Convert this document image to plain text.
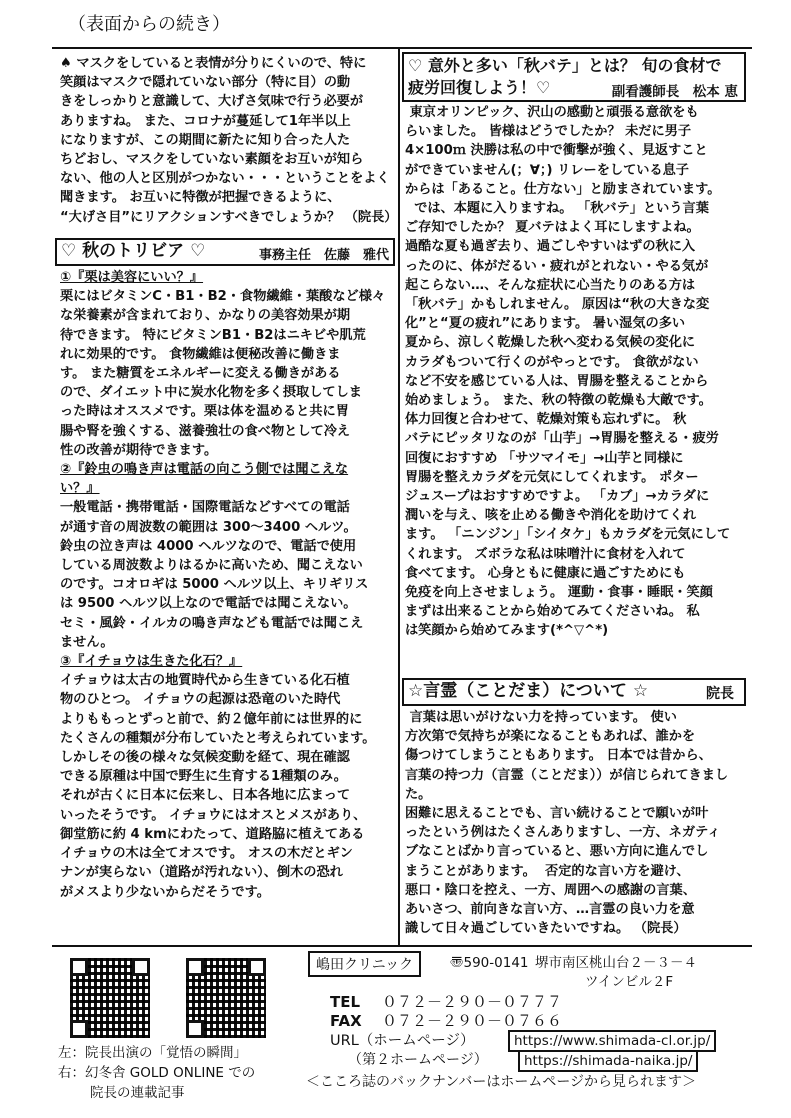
（表面からの続き）

♠ マスクをしていると表情が分りにくいので、特に

笑顔はマスクで隠れていない部分（特に目）の動

きをしっかりと意識して、大げさ気味で行う必要が

ありますね。 また、コロナが蔓延して1年半以上

になりますが、この期間に新たに知り合った人た

ちどおし、マスクをしていない素顔をお互いが知ら

ない、他の人と区別がつかない・・・ということをよく

聞きます。 お互いに特徴が把握できるように、

“大げさ目”にリアクションすべきでしょうか？ （院長）

♡ 秋のトリビア ♡	事務主任　佐藤　雅代

①『栗は美容にいい？』

栗にはビタミンC・B1・B2・食物繊維・葉酸など様々

な栄養素が含まれており、かなりの美容効果が期

待できます。 特にビタミンB1・B2はニキビや肌荒

れに効果的です。 食物繊維は便秘改善に働きま

す。 また糖質をエネルギーに変える働きがある

ので、ダイエット中に炭水化物を多く摂取してしま

った時はオススメです。栗は体を温めると共に胃

腸や腎を強くする、滋養強壮の食べ物として冷え

性の改善が期待できます。

②『鈴虫の鳴き声は電話の向こう側では聞こえな

い？』

一般電話・携帯電話・国際電話などすべての電話

が通す音の周波数の範囲は 300～3400 ヘルツ。

鈴虫の泣き声は 4000 ヘルツなので、電話で使用

している周波数よりはるかに高いため、聞こえない

のです。コオロギは 5000 ヘルツ以上、キリギリス

は 9500 ヘルツ以上なので電話では聞こえない。

セミ・風鈴・イルカの鳴き声なども電話では聞こえ

ません。

③『イチョウは生きた化石？』

イチョウは太古の地質時代から生きている化石植

物のひとつ。 イチョウの起源は恐竜のいた時代

よりももっとずっと前で、約２億年前には世界的に

たくさんの種類が分布していたと考えられています。

しかしその後の様々な気候変動を経て、現在確認

できる原種は中国で野生に生育する1種類のみ。

それが古くに日本に伝来し、日本各地に広まって

いったそうです。 イチョウにはオスとメスがあり、

御堂筋に約 4 kmにわたって、道路脇に植えてある

イチョウの木は全てオスです。 オスの木だとギン

ナンが実らない（道路が汚れない）、倒木の恐れ

がメスより少ないからだそうです。

♡ 意外と多い「秋バテ」とは？ 旬の食材で
疲労回復しよう！♡	副看護師長　松本 恵

東京オリンピック、沢山の感動と頑張る意欲をも

らいました。 皆様はどうでしたか？ 未だに男子

4×100ｍ 決勝は私の中で衝撃が強く、見返すこと

ができていません(；∀；) リレーをしている息子

からは「あること。仕方ない」と励まされています。

では、本題に入りますね。 「秋バテ」という言葉

ご存知でしたか？ 夏バテはよく耳にしますよね。

過酷な夏も過ぎ去り、過ごしやすいはずの秋に入

ったのに、体がだるい・疲れがとれない・やる気が

起こらない…、そんな症状に心当たりのある方は

「秋バテ」かもしれません。 原因は“秋の大きな変

化”と“夏の疲れ”にあります。 暑い湿気の多い

夏から、涼しく乾燥した秋へ変わる気候の変化に

カラダもついて行くのがやっとです。 食欲がない

など不安を感じている人は、胃腸を整えることから

始めましょう。 また、秋の特徴の乾燥も大敵です。

体力回復と合わせて、乾燥対策も忘れずに。 秋

バテにピッタリなのが「山芋」→胃腸を整える・疲労

回復におすすめ 「サツマイモ」→山芋と同様に

胃腸を整えカラダを元気にしてくれます。 ポター

ジュスープはおすすめですよ。 「カブ」→カラダに

潤いを与え、咳を止める働きや消化を助けてくれ

ます。 「ニンジン」「シイタケ」もカラダを元気にして

くれます。 ズボラな私は味噌汁に食材を入れて

食べてます。 心身ともに健康に過ごすためにも

免疫を向上させましょう。 運動・食事・睡眠・笑顔

まずは出来ることから始めてみてくださいね。 私

は笑顔から始めてみます(*^▽^*)

☆言霊（ことだま）について ☆	院長

言葉は思いがけない力を持っています。 使い

方次第で気持ちが楽になることもあれば、誰かを

傷つけてしまうこともあります。 日本では昔から、

言葉の持つ力（言霊（ことだま））が信じられてきました。

困難に思えることでも、言い続けることで願いが叶

ったという例はたくさんありますし、一方、ネガティ

ブなことばかり言っていると、悪い方向に進んでし

まうことがあります。  否定的な言い方を避け、

悪口・陰口を控え、一方、周囲への感謝の言葉、

あいさつ、前向きな言い方、…言霊の良い力を意

識して日々過ごしていきたいですね。 （院長）

左：院長出演の「覚悟の瞬間」
右：幻冬舎 GOLD ONLINE での
院長の連載記事
嶋田クリニック	〠590-0141 堺市南区桃山台２－３－４
ツインビル２F
TEL ０７２－２９０－０７７７
FAX ０７２－２９０－０７６６
URL（ホームページ）	https://www.shimada-cl.or.jp/
（第２ホームページ）	https://shimada-naika.jp/
＜こころ誌のバックナンバーはホームページから見られます＞
